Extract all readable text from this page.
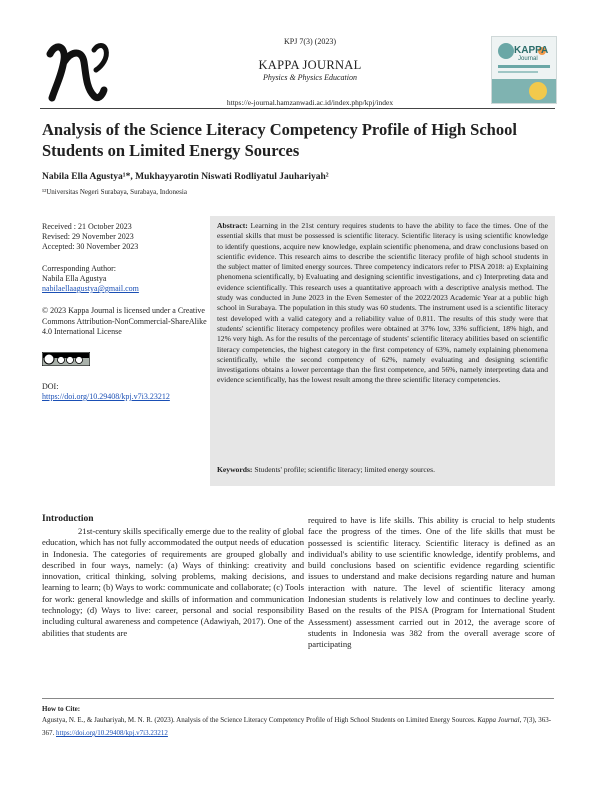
KPJ 7(3) (2023)
KAPPA JOURNAL
Physics & Physics Education
KAPPA
Journal
https://e-journal.hamzanwadi.ac.id/index.php/kpj/index
Analysis of the Science Literacy Competency Profile of High School Students on Limited Energy Sources
Nabila Ella Agustya¹*, Mukhayyarotin Niswati Rodliyatul Jauhariyah²
¹²Universitas Negeri Surabaya, Surabaya, Indonesia
Received : 21 October 2023
Revised: 29 November 2023
Accepted: 30 November 2023
Corresponding Author:
Nabila Ella Agustya
nabilaellaagustya@gmail.com
© 2023 Kappa Journal is licensed under a Creative Commons Attribution-NonCommercial-ShareAlike 4.0 International License
DOI:
https://doi.org/10.29408/kpj.v7i3.23212
Abstract: Learning in the 21st century requires students to have the ability to face the times. One of the essential skills that must be possessed is scientific literacy. Scientific literacy is using scientific knowledge to identify questions, acquire new knowledge, explain scientific phenomena, and draw conclusions based on scientific evidence. This research aims to describe the scientific literacy profile of high school students in the subject matter of limited energy sources. Three competency indicators refer to PISA 2018: a) Explaining phenomena scientifically, b) Evaluating and designing scientific investigations, and c) Interpreting data and evidence scientifically. This research uses a quantitative approach with a descriptive analysis method. The study was conducted in June 2023 in the Even Semester of the 2022/2023 Academic Year at a public high school in Surabaya. The population in this study was 60 students. The instrument used is a scientific literacy test developed with a valid category and a reliability value of 0.811. The results of this study were that students' scientific literacy competency profiles were obtained at 37% low, 33% sufficient, 18% high, and 12% very high. As for the results of the percentage of students' scientific literacy abilities based on scientific literacy competencies, the highest category in the first competency of 63%, namely explaining phenomena scientifically, while the second competency of 62%, namely evaluating and designing scientific investigations obtains a lower percentage than the first competence, and 56%, namely interpreting data and evidence scientifically, has the lowest result among the three scientific literacy competencies.
Keywords: Students' profile; scientific literacy; limited energy sources.
Introduction
21st-century skills specifically emerge due to the reality of global education, which has not fully accommodated the output needs of education in Indonesia. The categories of requirements are grouped globally and described in four ways, namely: (a) Ways of thinking: creativity and innovation, critical thinking, solving problems, making decisions, and learning to learn; (b) Ways to work: communicate and collaborate; (c) Tools for work: general knowledge and skills of information and communication technology; (d) Ways to live: career, personal and social responsibility including cultural awareness and competence (Adawiyah, 2017). One of the abilities that students are
required to have is life skills. This ability is crucial to help students face the progress of the times. One of the life skills that must be possessed is scientific literacy. Scientific literacy is defined as an individual's ability to use scientific knowledge, identify problems, and build conclusions based on scientific evidence regarding scientific issues to understand and make decisions regarding nature and human interaction with nature. The level of scientific literacy among Indonesian students is relatively low and continues to decline yearly. Based on the results of the PISA (Program for International Student Assessment) assessment carried out in 2012, the average score of students in Indonesia was 382 from the overall average score of participating
How to Cite:
Agustya, N. E., & Jauhariyah, M. N. R. (2023). Analysis of the Science Literacy Competency Profile of High School Students on Limited Energy Sources. Kappa Journal, 7(3), 363-367. https://doi.org/10.29408/kpj.v7i3.23212
